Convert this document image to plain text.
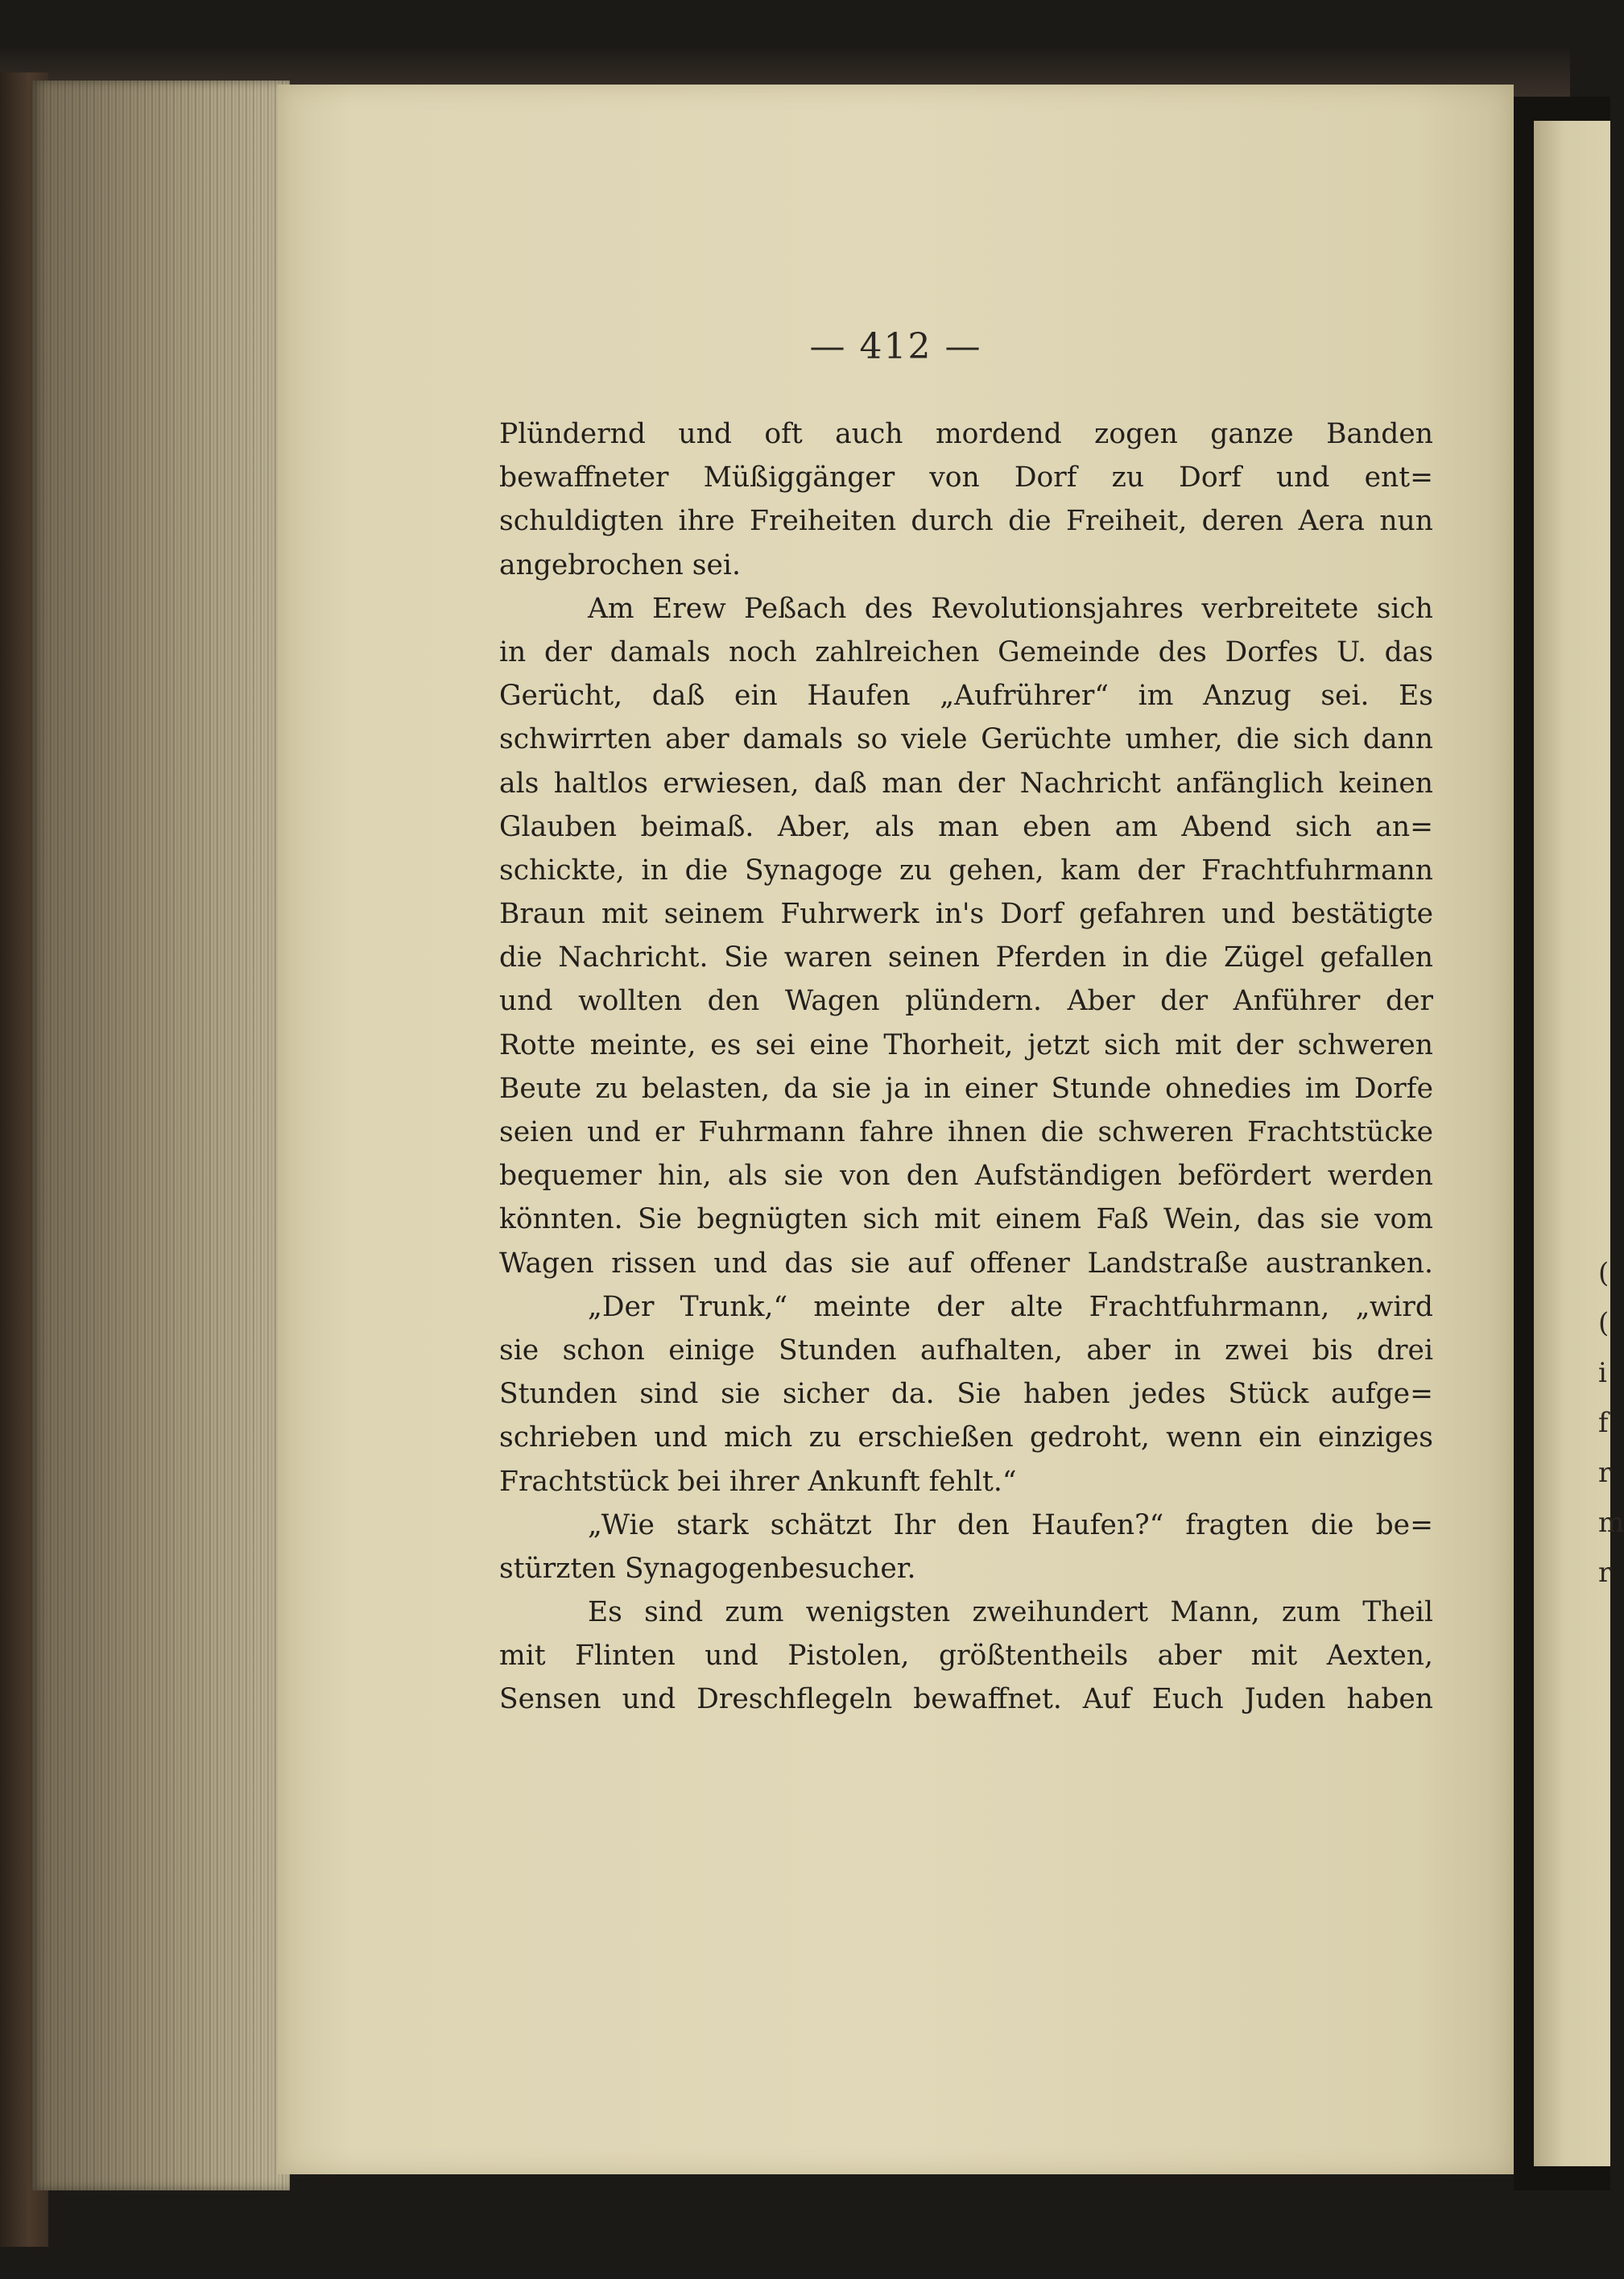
(
(
i
f
r
m
r
— 412 —
Plündernd und oft auch mordend zogen ganze Banden
bewaffneter Müßiggänger von Dorf zu Dorf und ent=
schuldigten ihre Freiheiten durch die Freiheit, deren Aera nun
angebrochen sei.
Am Erew Peßach des Revolutionsjahres verbreitete sich
in der damals noch zahlreichen Gemeinde des Dorfes U. das
Gerücht, daß ein Haufen „Aufrührer“ im Anzug sei. Es
schwirrten aber damals so viele Gerüchte umher, die sich dann
als haltlos erwiesen, daß man der Nachricht anfänglich keinen
Glauben beimaß. Aber, als man eben am Abend sich an=
schickte, in die Synagoge zu gehen, kam der Frachtfuhrmann
Braun mit seinem Fuhrwerk in's Dorf gefahren und bestätigte
die Nachricht. Sie waren seinen Pferden in die Zügel gefallen
und wollten den Wagen plündern. Aber der Anführer der
Rotte meinte, es sei eine Thorheit, jetzt sich mit der schweren
Beute zu belasten, da sie ja in einer Stunde ohnedies im Dorfe
seien und er Fuhrmann fahre ihnen die schweren Frachtstücke
bequemer hin, als sie von den Aufständigen befördert werden
könnten. Sie begnügten sich mit einem Faß Wein, das sie vom
Wagen rissen und das sie auf offener Landstraße austranken.
„Der Trunk,“ meinte der alte Frachtfuhrmann, „wird
sie schon einige Stunden aufhalten, aber in zwei bis drei
Stunden sind sie sicher da. Sie haben jedes Stück aufge=
schrieben und mich zu erschießen gedroht, wenn ein einziges
Frachtstück bei ihrer Ankunft fehlt.“
„Wie stark schätzt Ihr den Haufen?“ fragten die be=
stürzten Synagogenbesucher.
Es sind zum wenigsten zweihundert Mann, zum Theil
mit Flinten und Pistolen, größtentheils aber mit Aexten,
Sensen und Dreschflegeln bewaffnet. Auf Euch Juden haben
